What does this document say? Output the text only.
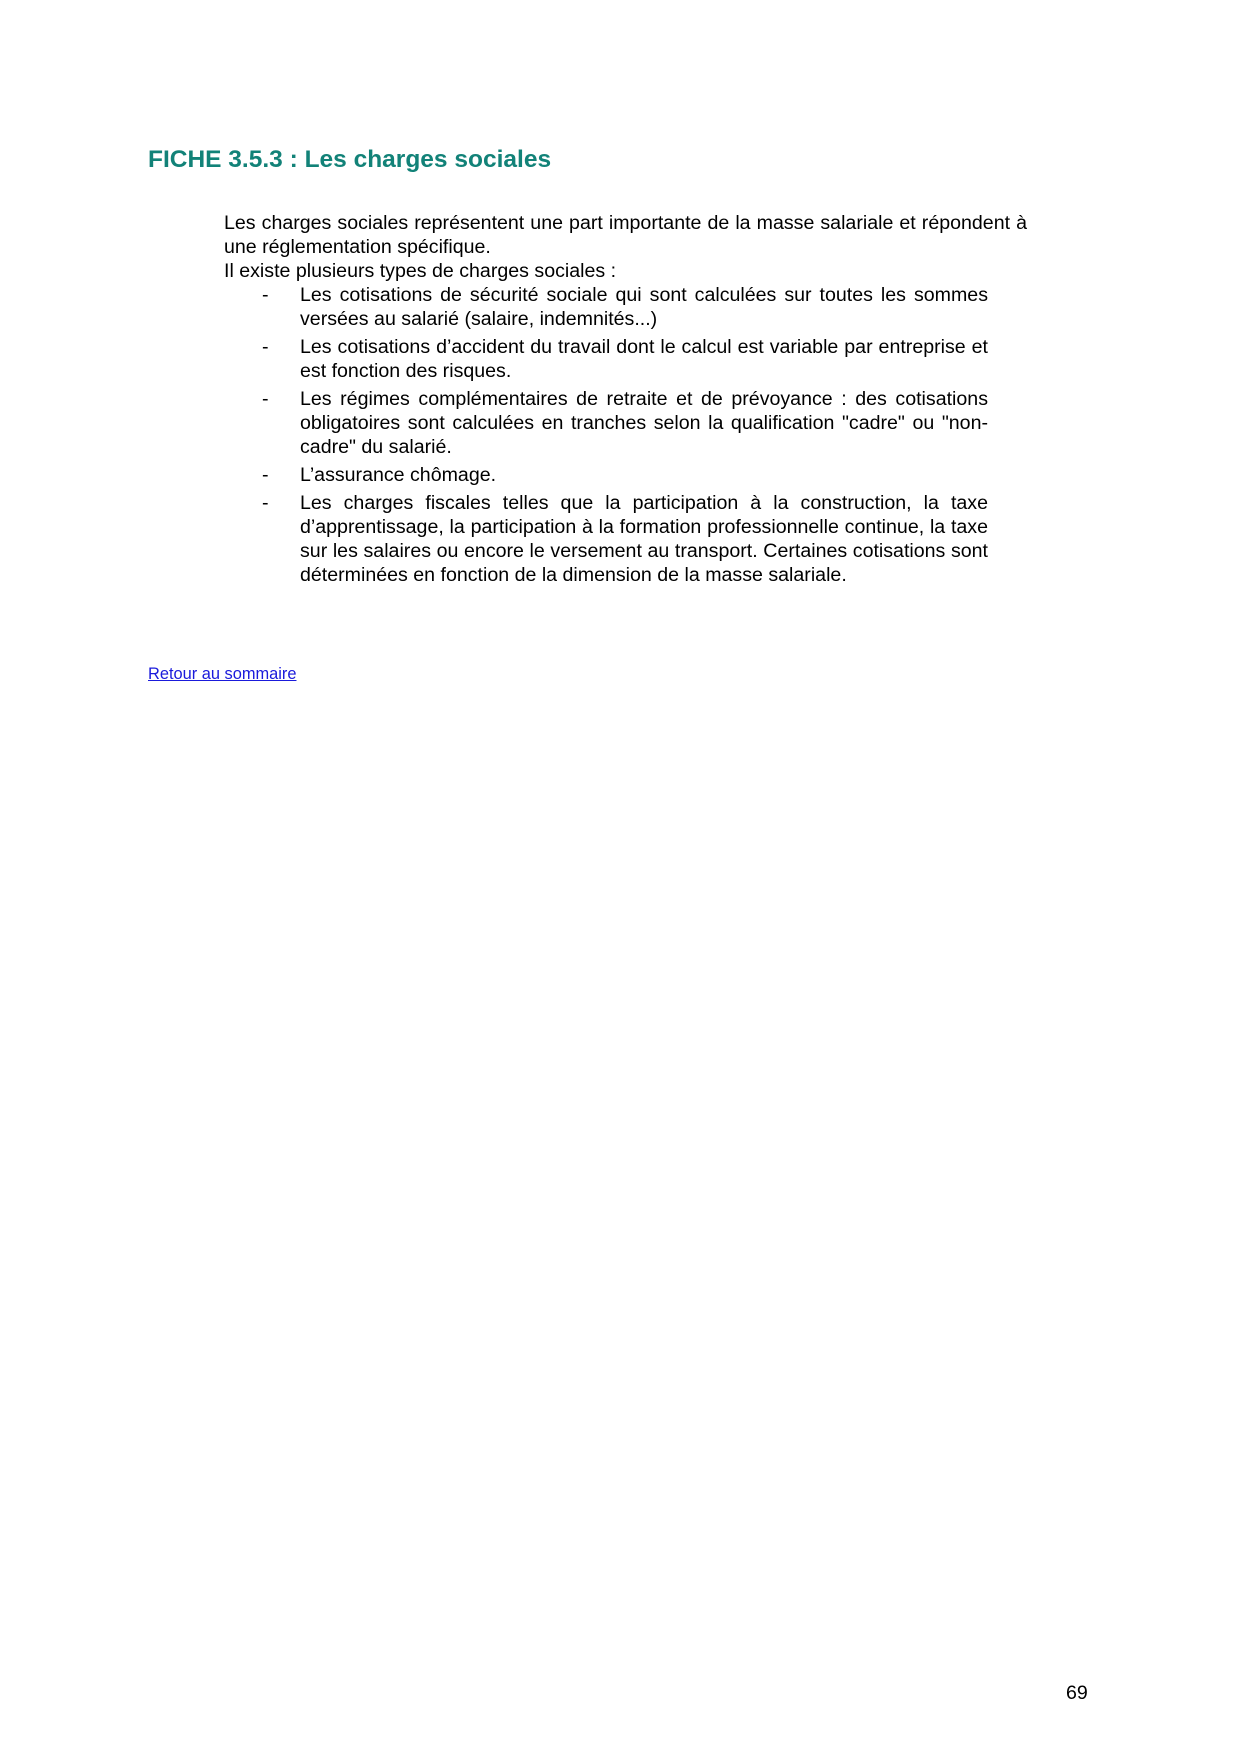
FICHE 3.5.3 : Les charges sociales

Les charges sociales représentent une part importante de la masse salariale et répondent à une réglementation spécifique.

Il existe plusieurs types de charges sociales :

- Les cotisations de sécurité sociale qui sont calculées sur toutes les sommes versées au salarié (salaire, indemnités...)
- Les cotisations d’accident du travail dont le calcul est variable par entreprise et est fonction des risques.
- Les régimes complémentaires de retraite et de prévoyance : des cotisations obligatoires sont calculées en tranches selon la qualification "cadre" ou "non-cadre" du salarié.
- L’assurance chômage.
- Les charges fiscales telles que la participation à la construction, la taxe d’apprentissage, la participation à la formation professionnelle continue, la taxe sur les salaires ou encore le versement au transport. Certaines cotisations sont déterminées en fonction de la dimension de la masse salariale.
Retour au sommaire
69
